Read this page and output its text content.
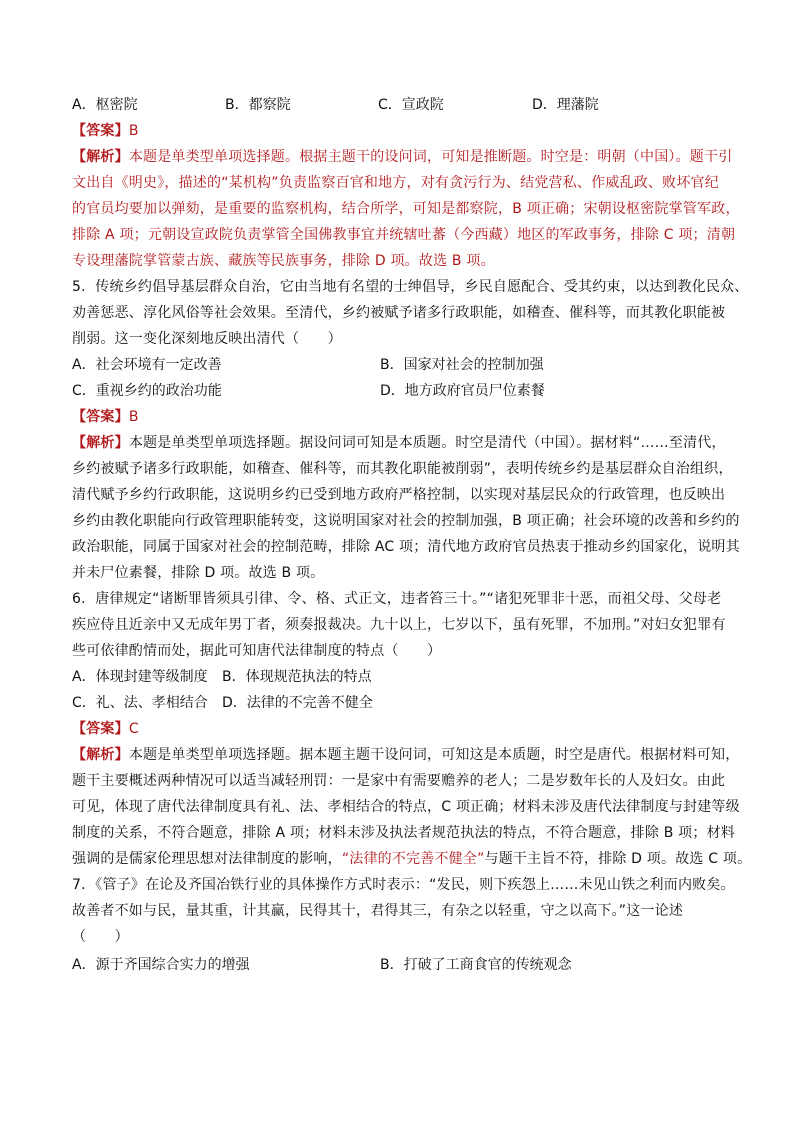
A．枢密院	B．都察院	C．宣政院	D．理藩院
【答案】B
【解析】本题是单类型单项选择题。根据主题干的设问词，可知是推断题。时空是：明朝（中国）。题干引
文出自《明史》，描述的“某机构”负责监察百官和地方，对有贪污行为、结党营私、作威乱政、败坏官纪
的官员均要加以弹劾，是重要的监察机构，结合所学，可知是都察院，B 项正确；宋朝设枢密院掌管军政，
排除 A 项；元朝设宣政院负责掌管全国佛教事宜并统辖吐蕃（今西藏）地区的军政事务，排除 C 项；清朝
专设理藩院掌管蒙古族、藏族等民族事务，排除 D 项。故选 B 项。
5．传统乡约倡导基层群众自治，它由当地有名望的士绅倡导，乡民自愿配合、受其约束，以达到教化民众、
劝善惩恶、淳化风俗等社会效果。至清代，乡约被赋予诸多行政职能，如稽查、催科等，而其教化职能被
削弱。这一变化深刻地反映出清代（　　）
A．社会环境有一定改善	B．国家对社会的控制加强
C．重视乡约的政治功能	D．地方政府官员尸位素餐
【答案】B
【解析】本题是单类型单项选择题。据设问词可知是本质题。时空是清代（中国）。据材料“……至清代，
乡约被赋予诸多行政职能，如稽查、催科等，而其教化职能被削弱”，表明传统乡约是基层群众自治组织，
清代赋予乡约行政职能，这说明乡约已受到地方政府严格控制，以实现对基层民众的行政管理，也反映出
乡约由教化职能向行政管理职能转变，这说明国家对社会的控制加强，B 项正确；社会环境的改善和乡约的
政治职能，同属于国家对社会的控制范畴，排除 AC 项；清代地方政府官员热衷于推动乡约国家化，说明其
并未尸位素餐，排除 D 项。故选 B 项。
6．唐律规定“诸断罪皆须具引律、令、格、式正文，违者笞三十。”“诸犯死罪非十恶，而祖父母、父母老
疾应侍且近亲中又无成年男丁者，须奏报裁决。九十以上，七岁以下，虽有死罪，不加刑。”对妇女犯罪有
些可依律酌情而处，据此可知唐代法律制度的特点（　　）
A．体现封建等级制度 B．体现规范执法的特点
C．礼、法、孝相结合 D．法律的不完善不健全
【答案】C
【解析】本题是单类型单项选择题。据本题主题干设问词，可知这是本质题，时空是唐代。根据材料可知，
题干主要概述两种情况可以适当减轻刑罚：一是家中有需要赡养的老人；二是岁数年长的人及妇女。由此
可见，体现了唐代法律制度具有礼、法、孝相结合的特点，C 项正确；材料未涉及唐代法律制度与封建等级
制度的关系，不符合题意，排除 A 项；材料未涉及执法者规范执法的特点，不符合题意，排除 B 项；材料
强调的是儒家伦理思想对法律制度的影响，“法律的不完善不健全”与题干主旨不符，排除 D 项。故选 C 项。
7．《管子》在论及齐国冶铁行业的具体操作方式时表示：“发民，则下疾怨上……未见山铁之利而内败矣。
故善者不如与民，量其重，计其赢，民得其十，君得其三，有杂之以轻重，守之以高下。”这一论述
（　　）
A．源于齐国综合实力的增强	B．打破了工商食官的传统观念
